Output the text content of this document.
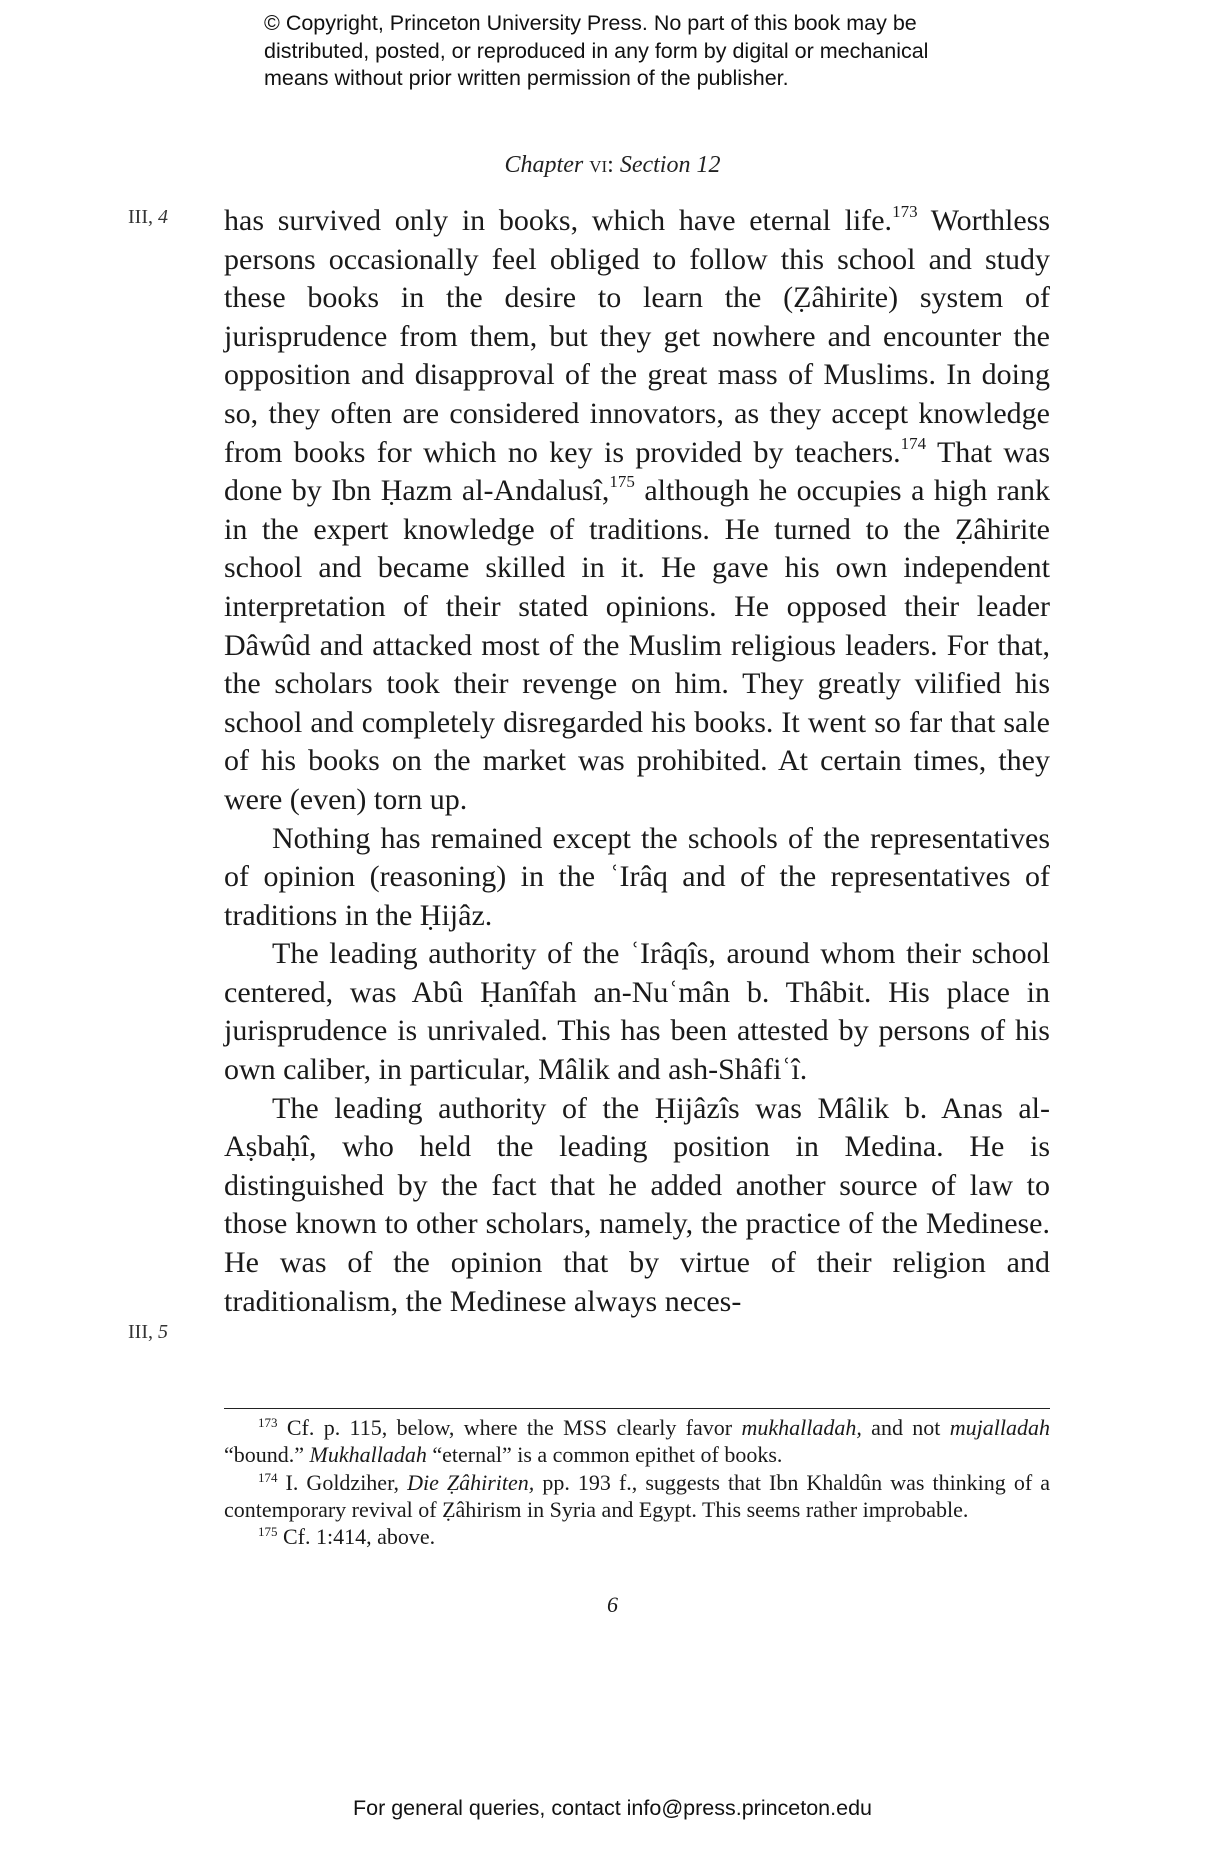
© Copyright, Princeton University Press. No part of this book may be
distributed, posted, or reproduced in any form by digital or mechanical
means without prior written permission of the publisher.
Chapter vi: Section 12
III, 4
III, 5

has survived only in books, which have eternal life.$^{173}$ Worthless persons occasionally feel obliged to follow this school and study these books in the desire to learn the (Ẓâhirite) system of jurisprudence from them, but they get nowhere and encounter the opposition and disapproval of the great mass of Muslims. In doing so, they often are considered innovators, as they accept knowledge from books for which no key is provided by teachers.$^{174}$ That was done by Ibn Ḥazm al-Andalusî,$^{175}$ although he occupies a high rank in the expert knowledge of traditions. He turned to the Ẓâhirite school and became skilled in it. He gave his own independent interpretation of their stated opinions. He opposed their leader Dâwûd and attacked most of the Muslim religious leaders. For that, the scholars took their revenge on him. They greatly vilified his school and completely disregarded his books. It went so far that sale of his books on the market was prohibited. At certain times, they were (even) torn up.

Nothing has remained except the schools of the representatives of opinion (reasoning) in the ʿIrâq and of the representatives of traditions in the Ḥijâz.

The leading authority of the ʿIrâqîs, around whom their school centered, was Abû Ḥanîfah an-Nuʿmân b. Thâbit. His place in jurisprudence is unrivaled. This has been attested by persons of his own caliber, in particular, Mâlik and ash-Shâfiʿî.

The leading authority of the Ḥijâzîs was Mâlik b. Anas al-Aṣbaḥî, who held the leading position in Medina. He is distinguished by the fact that he added another source of law to those known to other scholars, namely, the practice of the Medinese. He was of the opinion that by virtue of their religion and traditionalism, the Medinese always neces-

$^{173}$ Cf. p. 115, below, where the MSS clearly favor mukhalladah, and not mujalladah “bound.” Mukhalladah “eternal” is a common epithet of books.

$^{174}$ I. Goldziher, Die Ẓâhiriten, pp. 193 f., suggests that Ibn Khaldûn was thinking of a contemporary revival of Ẓâhirism in Syria and Egypt. This seems rather improbable.

$^{175}$ Cf. 1:414, above.

6
For general queries, contact info@press.princeton.edu
